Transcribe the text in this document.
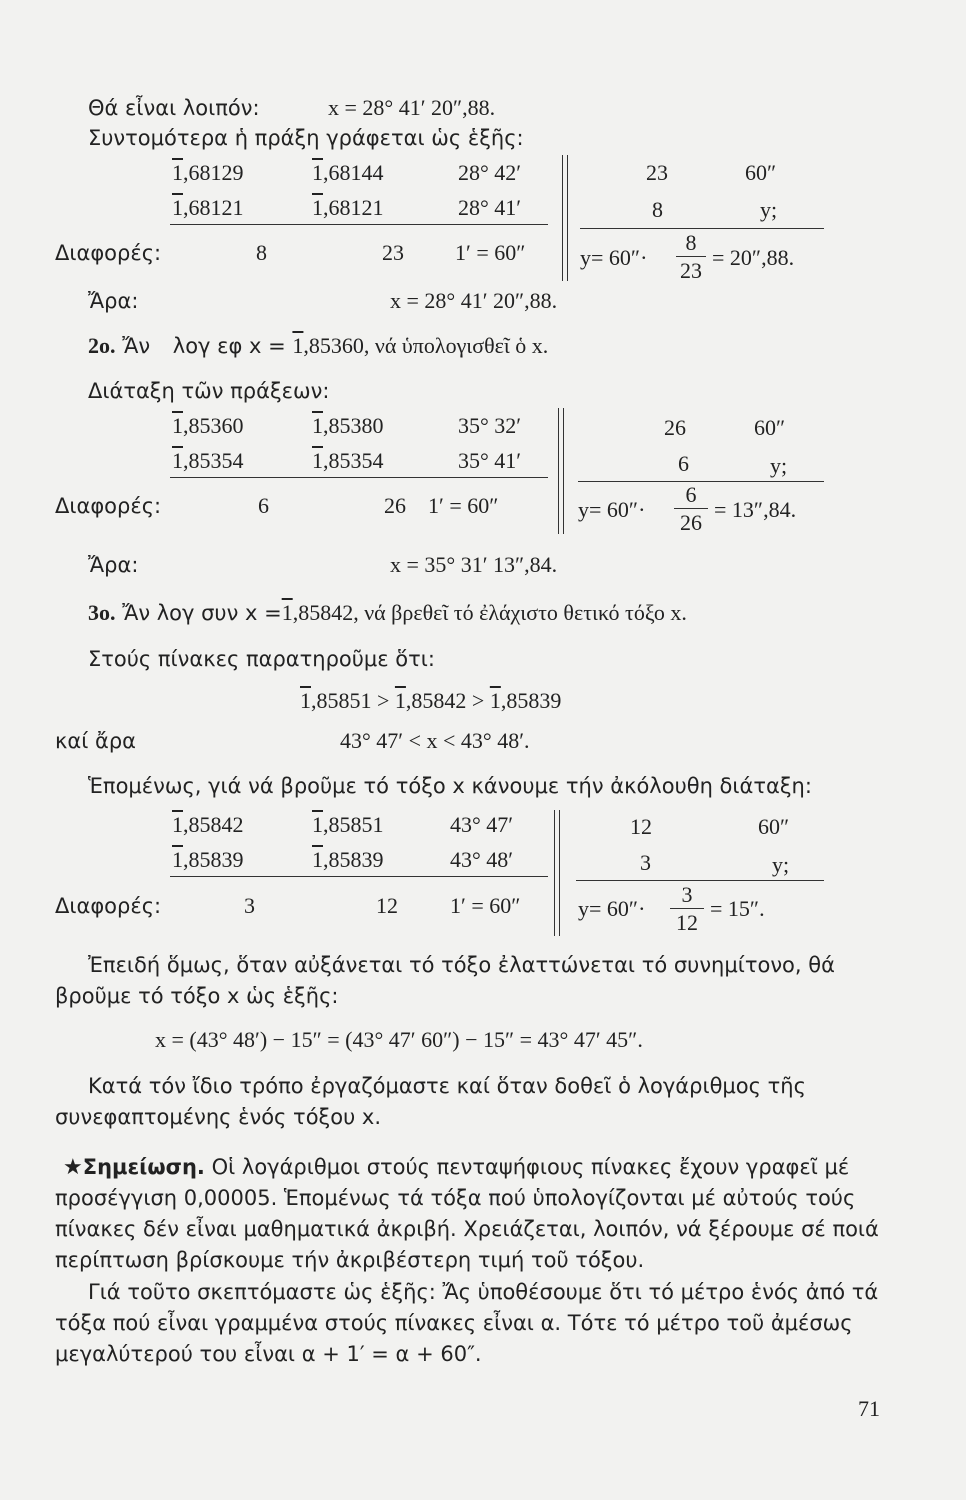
Θά εἶναι λοιπόν:	x = 28° 41′ 20″,88.
Συντομότερα ἡ πράξη γράφεται ὡς ἑξῆς:
1,68129	1,68144	28° 42′
1,68121	1,68121	28° 41′
Διαφορές:	8	23 1′ = 60″
23	60″
8	y;
y= 60″·
8
23
= 20″,88.
Ἄρα:	x = 28° 41′ 20″,88.
2ο. Ἄν λογ εφ x = 1,85360, νά ὑπολογισθεῖ ὁ x.
Διάταξη τῶν πράξεων:
1,85360	1,85380	35° 32′
1,85354	1,85354	35° 41′
Διαφορές:	6	26 1′ = 60″
26	60″
6	y;
y= 60″·
6
26
= 13″,84.
Ἄρα:	x = 35° 31′ 13″,84.
3ο. Ἄν λογ συν x =1,85842, νά βρεθεῖ τό ἐλάχιστο θετικό τόξο x.
Στούς πίνακες παρατηροῦμε ὅτι:
1,85851 > 1,85842 > 1,85839
καί ἄρα	43° 47′ < x < 43° 48′.
Ἑπομένως, γιά νά βροῦμε τό τόξο x κάνουμε τήν ἀκόλουθη διάταξη:
1,85842	1,85851	43° 47′
1,85839	1,85839	43° 48′
Διαφορές:	3	12 1′ = 60″
12	60″
3	y;
y= 60″·
3
12
= 15″.
Ἐπειδή ὅμως, ὅταν αὐξάνεται τό τόξο ἐλαττώνεται τό συνημίτονο, θά βροῦμε τό τόξο x ὡς ἑξῆς:
x = (43° 48′) − 15″ = (43° 47′ 60″) − 15″ = 43° 47′ 45″.
Κατά τόν ἴδιο τρόπο ἐργαζόμαστε καί ὅταν δοθεῖ ὁ λογάριθμος τῆς συνεφαπτομένης ἑνός τόξου x.
★Σημείωση. Οἱ λογάριθμοι στούς πενταψήφιους πίνακες ἔχουν γραφεῖ μέ προσέγγιση 0,00005. Ἑπομένως τά τόξα πού ὑπολογίζονται μέ αὐτούς τούς πίνακες δέν εἶναι μαθηματικά ἀκριβή. Χρειάζεται, λοιπόν, νά ξέρουμε σέ ποιά περίπτωση βρίσκουμε τήν ἀκριβέστερη τιμή τοῦ τόξου.
Γιά τοῦτο σκεπτόμαστε ὡς ἑξῆς: Ἄς ὑποθέσουμε ὅτι τό μέτρο ἑνός ἀπό τά τόξα πού εἶναι γραμμένα στούς πίνακες εἶναι α. Τότε τό μέτρο τοῦ ἀμέσως μεγαλύτερού του εἶναι α + 1′ = α + 60″.
71
